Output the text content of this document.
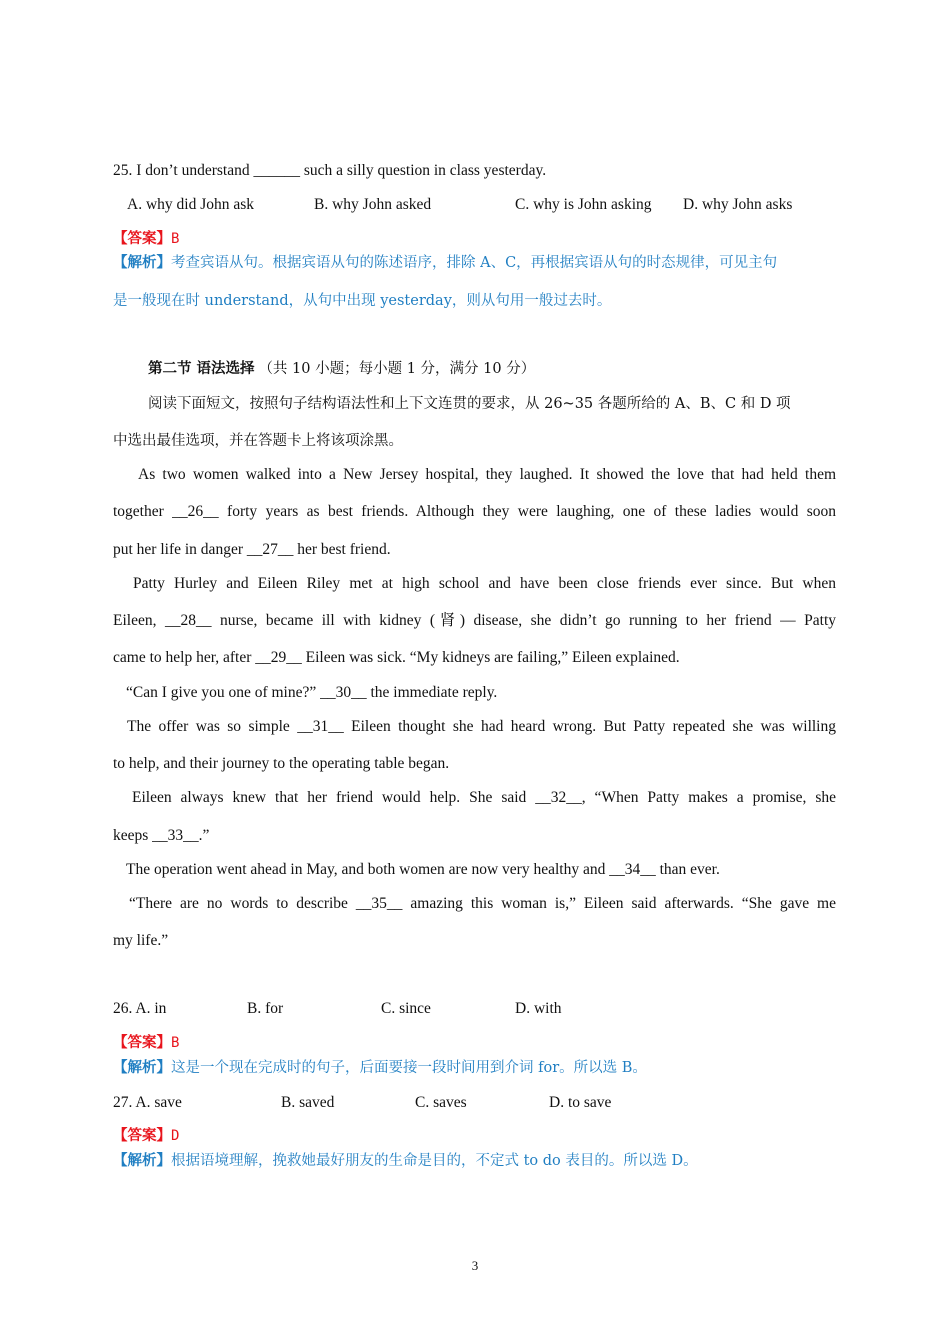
25. I don’t understand ______ such a silly question in class yesterday.
A. why did John ask	B. why John asked	C. why is John asking D. why John asks
【答案】B
【解析】考查宾语从句。根据宾语从句的陈述语序，排除 A、C，再根据宾语从句的时态规律，可见主句
是一般现在时 understand，从句中出现 yesterday，则从句用一般过去时。
第二节 语法选择 （共 10 小题；每小题 1 分，满分 10 分）
阅读下面短文，按照句子结构语法性和上下文连贯的要求，从 26~35 各题所给的 A、B、C 和 D 项
中选出最佳选项，并在答题卡上将该项涂黑。
As two women walked into a New Jersey hospital, they laughed. It showed the love that had held them
together __26__ forty years as best friends. Although they were laughing, one of these ladies would soon
put her life in danger __27__ her best friend.
Patty Hurley and Eileen Riley met at high school and have been close friends ever since. But when
Eileen, __28__ nurse, became ill with kidney (肾) disease, she didn’t go running to her friend — Patty
came to help her, after __29__ Eileen was sick. “My kidneys are failing,” Eileen explained.
“Can I give you one of mine?” __30__ the immediate reply.
The offer was so simple __31__ Eileen thought she had heard wrong. But Patty repeated she was willing
to help, and their journey to the operating table began.
Eileen always knew that her friend would help. She said __32__, “When Patty makes a promise, she
keeps __33__.”
The operation went ahead in May, and both women are now very healthy and __34__ than ever.
“There are no words to describe __35__ amazing this woman is,” Eileen said afterwards. “She gave me
my life.”
26. A. in	B. for	C. since	D. with
【答案】B
【解析】这是一个现在完成时的句子，后面要接一段时间用到介词 for。所以选 B。
27. A. save	B. saved	C. saves	D. to save
【答案】D
【解析】根据语境理解，挽救她最好朋友的生命是目的，不定式 to do 表目的。所以选 D。
3
